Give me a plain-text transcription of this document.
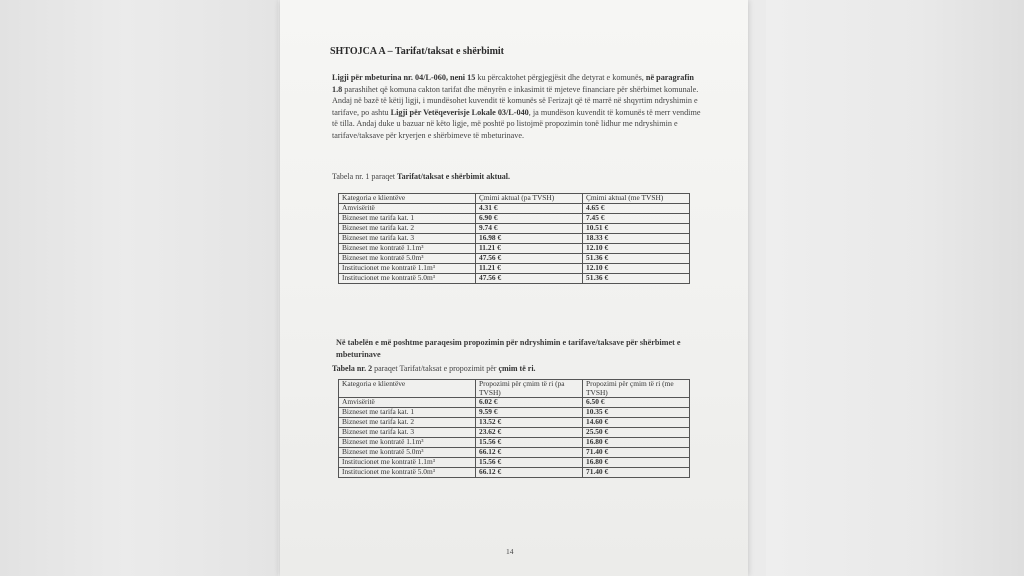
SHTOJCA A – Tarifat/taksat e shërbimit
Ligji për mbeturina nr. 04/L-060, neni 15 ku përcaktohet përgjegjësit dhe detyrat e komunës, në paragrafin 1.8 parashihet që komuna cakton tarifat dhe mënyrën e inkasimit të mjeteve financiare për shërbimet komunale. Andaj në bazë të këtij ligji, i mundësohet kuvendit të komunës së Ferizajt që të marrë në shqyrtim ndryshimin e tarifave, po ashtu Ligji për Vetëqeverisje Lokale 03/L-040, ja mundëson kuvendit të komunës të merr vendime të tilla. Andaj duke u bazuar në këto ligje, më poshtë po listojmë propozimin tonë lidhur me ndryshimin e tarifave/taksave për kryerjen e shërbimeve të mbeturinave.
Tabela nr. 1 paraqet Tarifat/taksat e shërbimit aktual.
Kategoria e klientëve	Çmimi aktual (pa TVSH)	Çmimi aktual (me TVSH)
Amvisëritë	4.31 €	4.65 €
Bizneset me tarifa kat. 1	6.90 €	7.45 €
Bizneset me tarifa kat. 2	9.74 €	10.51 €
Bizneset me tarifa kat. 3	16.98 €	18.33 €
Bizneset me kontratë 1.1m³	11.21 €	12.10 €
Bizneset me kontratë 5.0m³	47.56 €	51.36 €
Institucionet me kontratë 1.1m³	11.21 €	12.10 €
Institucionet me kontratë 5.0m³	47.56 €	51.36 €
Në tabelën e më poshtme paraqesim propozimin për ndryshimin e tarifave/taksave për shërbimet e mbeturinave
Tabela nr. 2 paraqet Tarifat/taksat e propozimit për çmim të ri.
Kategoria e klientëve	Propozimi për çmim të ri (pa TVSH)	Propozimi për çmim të ri (me TVSH)
Amvisëritë	6.02 €	6.50 €
Bizneset me tarifa kat. 1	9.59 €	10.35 €
Bizneset me tarifa kat. 2	13.52 €	14.60 €
Bizneset me tarifa kat. 3	23.62 €	25.50 €
Bizneset me kontratë 1.1m³	15.56 €	16.80 €
Bizneset me kontratë 5.0m³	66.12 €	71.40 €
Institucionet me kontratë 1.1m³	15.56 €	16.80 €
Institucionet me kontratë 5.0m³	66.12 €	71.40 €
14
